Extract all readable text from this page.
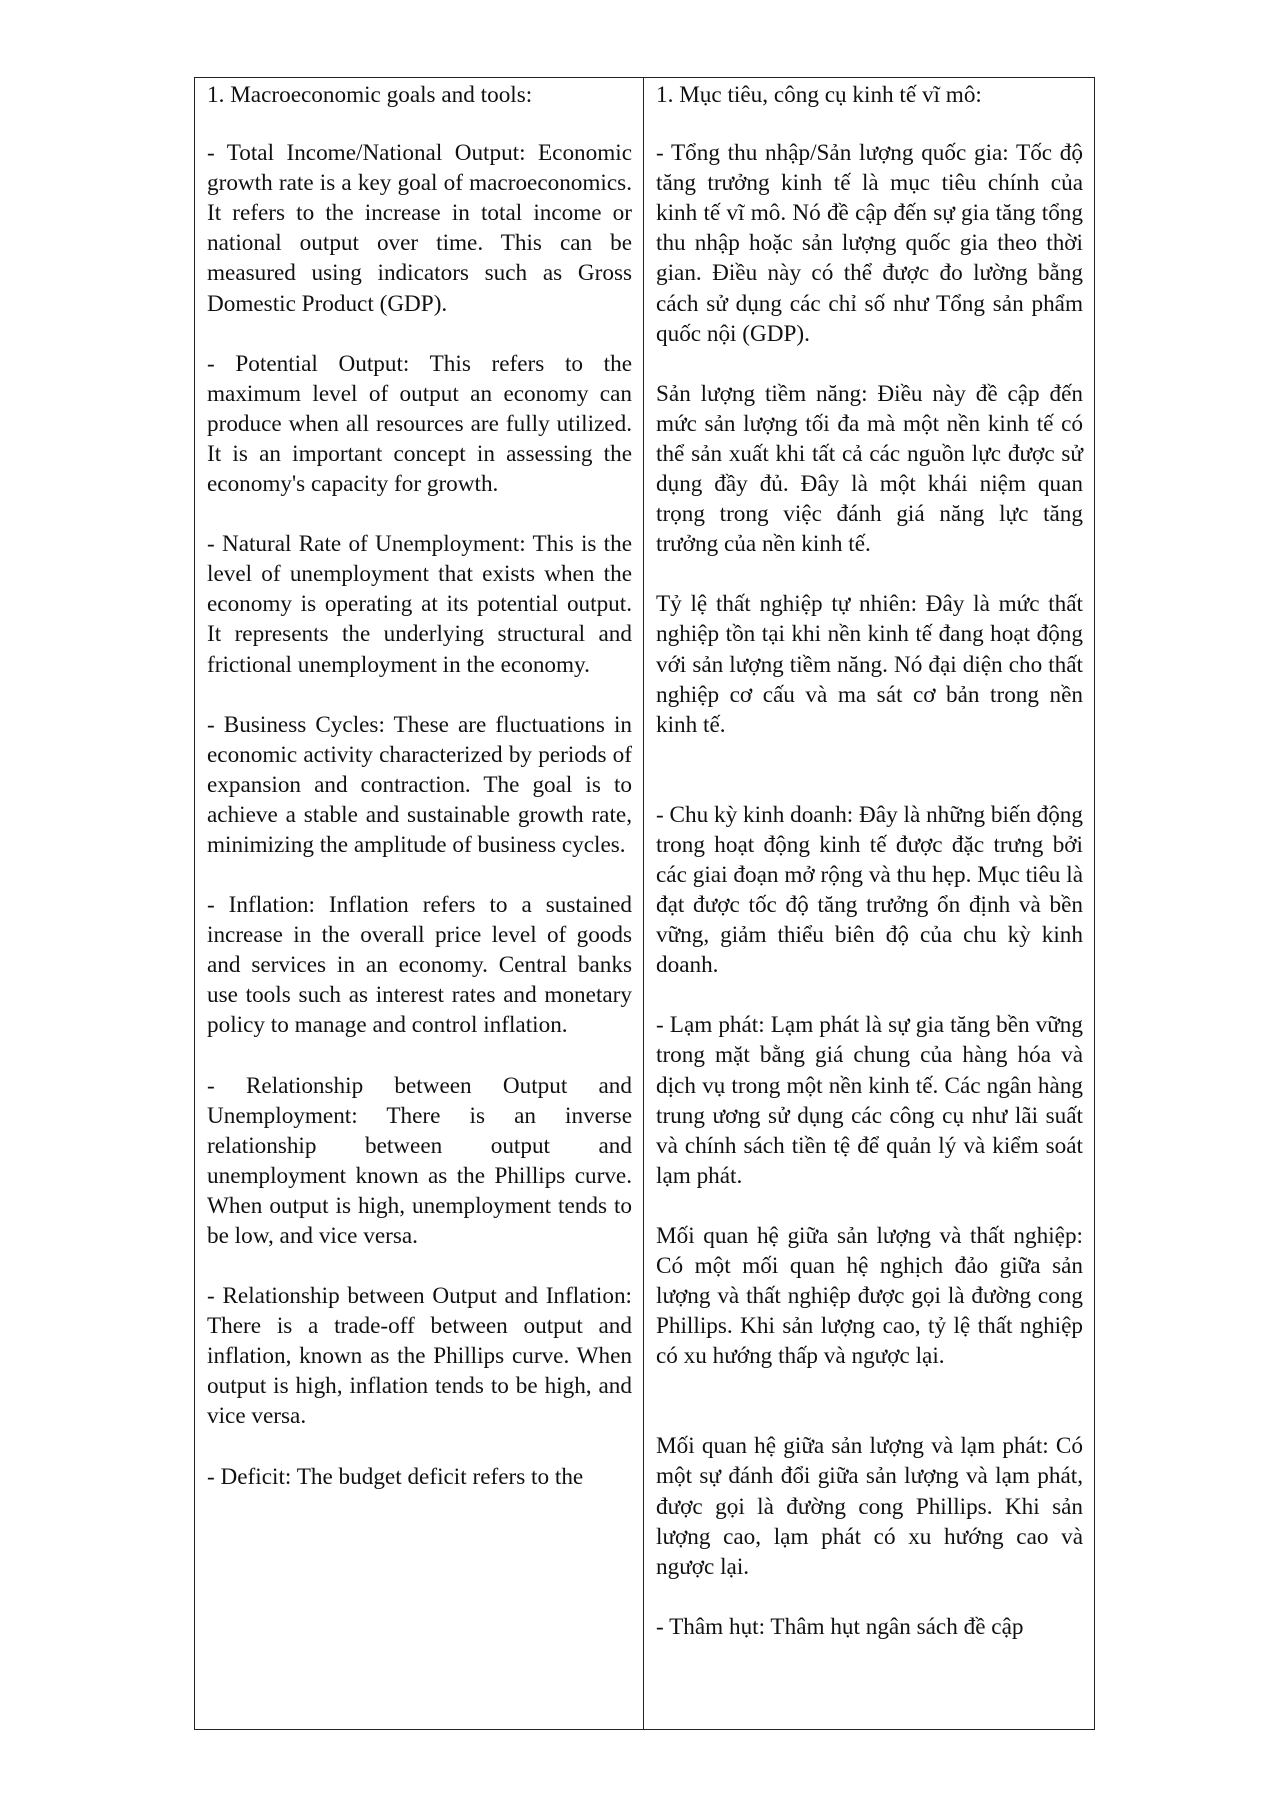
1. Macroeconomic goals and tools:

- Total Income/National Output: Economic growth rate is a key goal of macroeconomics. It refers to the increase in total income or national output over time. This can be measured using indicators such as Gross Domestic Product (GDP).

- Potential Output: This refers to the maximum level of output an economy can produce when all resources are fully utilized. It is an important concept in assessing the economy's capacity for growth.

- Natural Rate of Unemployment: This is the level of unemployment that exists when the economy is operating at its potential output. It represents the underlying structural and frictional unemployment in the economy.

- Business Cycles: These are fluctuations in economic activity characterized by periods of expansion and contraction. The goal is to achieve a stable and sustainable growth rate, minimizing the amplitude of business cycles.

- Inflation: Inflation refers to a sustained increase in the overall price level of goods and services in an economy. Central banks use tools such as interest rates and monetary policy to manage and control inflation.

- Relationship between Output and Unemployment: There is an inverse relationship between output and unemployment known as the Phillips curve. When output is high, unemployment tends to be low, and vice versa.

- Relationship between Output and Inflation: There is a trade-off between output and inflation, known as the Phillips curve. When output is high, inflation tends to be high, and vice versa.

- Deficit: The budget deficit refers to the

1. Mục tiêu, công cụ kinh tế vĩ mô:

- Tổng thu nhập/Sản lượng quốc gia: Tốc độ tăng trưởng kinh tế là mục tiêu chính của kinh tế vĩ mô. Nó đề cập đến sự gia tăng tổng thu nhập hoặc sản lượng quốc gia theo thời gian. Điều này có thể được đo lường bằng cách sử dụng các chỉ số như Tổng sản phẩm quốc nội (GDP).

Sản lượng tiềm năng: Điều này đề cập đến mức sản lượng tối đa mà một nền kinh tế có thể sản xuất khi tất cả các nguồn lực được sử dụng đầy đủ. Đây là một khái niệm quan trọng trong việc đánh giá năng lực tăng trưởng của nền kinh tế.

Tỷ lệ thất nghiệp tự nhiên: Đây là mức thất nghiệp tồn tại khi nền kinh tế đang hoạt động với sản lượng tiềm năng. Nó đại diện cho thất nghiệp cơ cấu và ma sát cơ bản trong nền kinh tế.

- Chu kỳ kinh doanh: Đây là những biến động trong hoạt động kinh tế được đặc trưng bởi các giai đoạn mở rộng và thu hẹp. Mục tiêu là đạt được tốc độ tăng trưởng ổn định và bền vững, giảm thiểu biên độ của chu kỳ kinh doanh.

- Lạm phát: Lạm phát là sự gia tăng bền vững trong mặt bằng giá chung của hàng hóa và dịch vụ trong một nền kinh tế. Các ngân hàng trung ương sử dụng các công cụ như lãi suất và chính sách tiền tệ để quản lý và kiểm soát lạm phát.

Mối quan hệ giữa sản lượng và thất nghiệp: Có một mối quan hệ nghịch đảo giữa sản lượng và thất nghiệp được gọi là đường cong Phillips. Khi sản lượng cao, tỷ lệ thất nghiệp có xu hướng thấp và ngược lại.

Mối quan hệ giữa sản lượng và lạm phát: Có một sự đánh đổi giữa sản lượng và lạm phát, được gọi là đường cong Phillips. Khi sản lượng cao, lạm phát có xu hướng cao và ngược lại.

- Thâm hụt: Thâm hụt ngân sách đề cập
